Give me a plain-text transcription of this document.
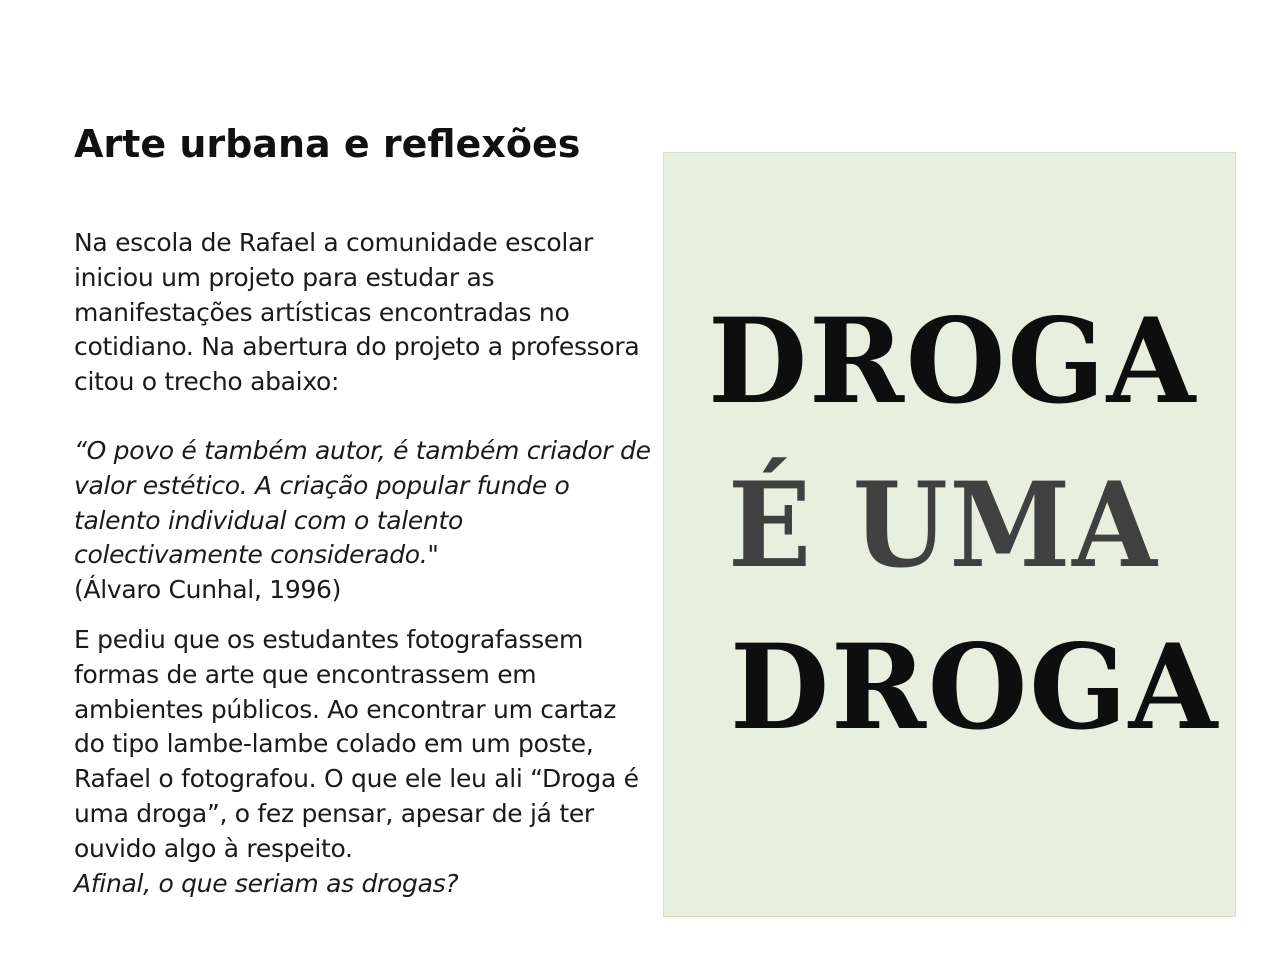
Arte urbana e reflexões

Na escola de Rafael a comunidade escolar iniciou um projeto para estudar as manifestações artísticas encontradas no cotidiano. Na abertura do projeto a professora citou o trecho abaixo:

“O povo é também autor, é também criador de valor estético. A criação popular funde o talento individual com o talento colectivamente considerado."

(Álvaro Cunhal, 1996)

E pediu que os estudantes fotografassem formas de arte que encontrassem em ambientes públicos. Ao encontrar um cartaz do tipo lambe-lambe colado em um poste, Rafael o fotografou. O que ele leu ali “Droga é uma droga”, o fez pensar, apesar de já ter ouvido algo à respeito.

Afinal, o que seriam as drogas?

DROGA
É UMA
DROGA
